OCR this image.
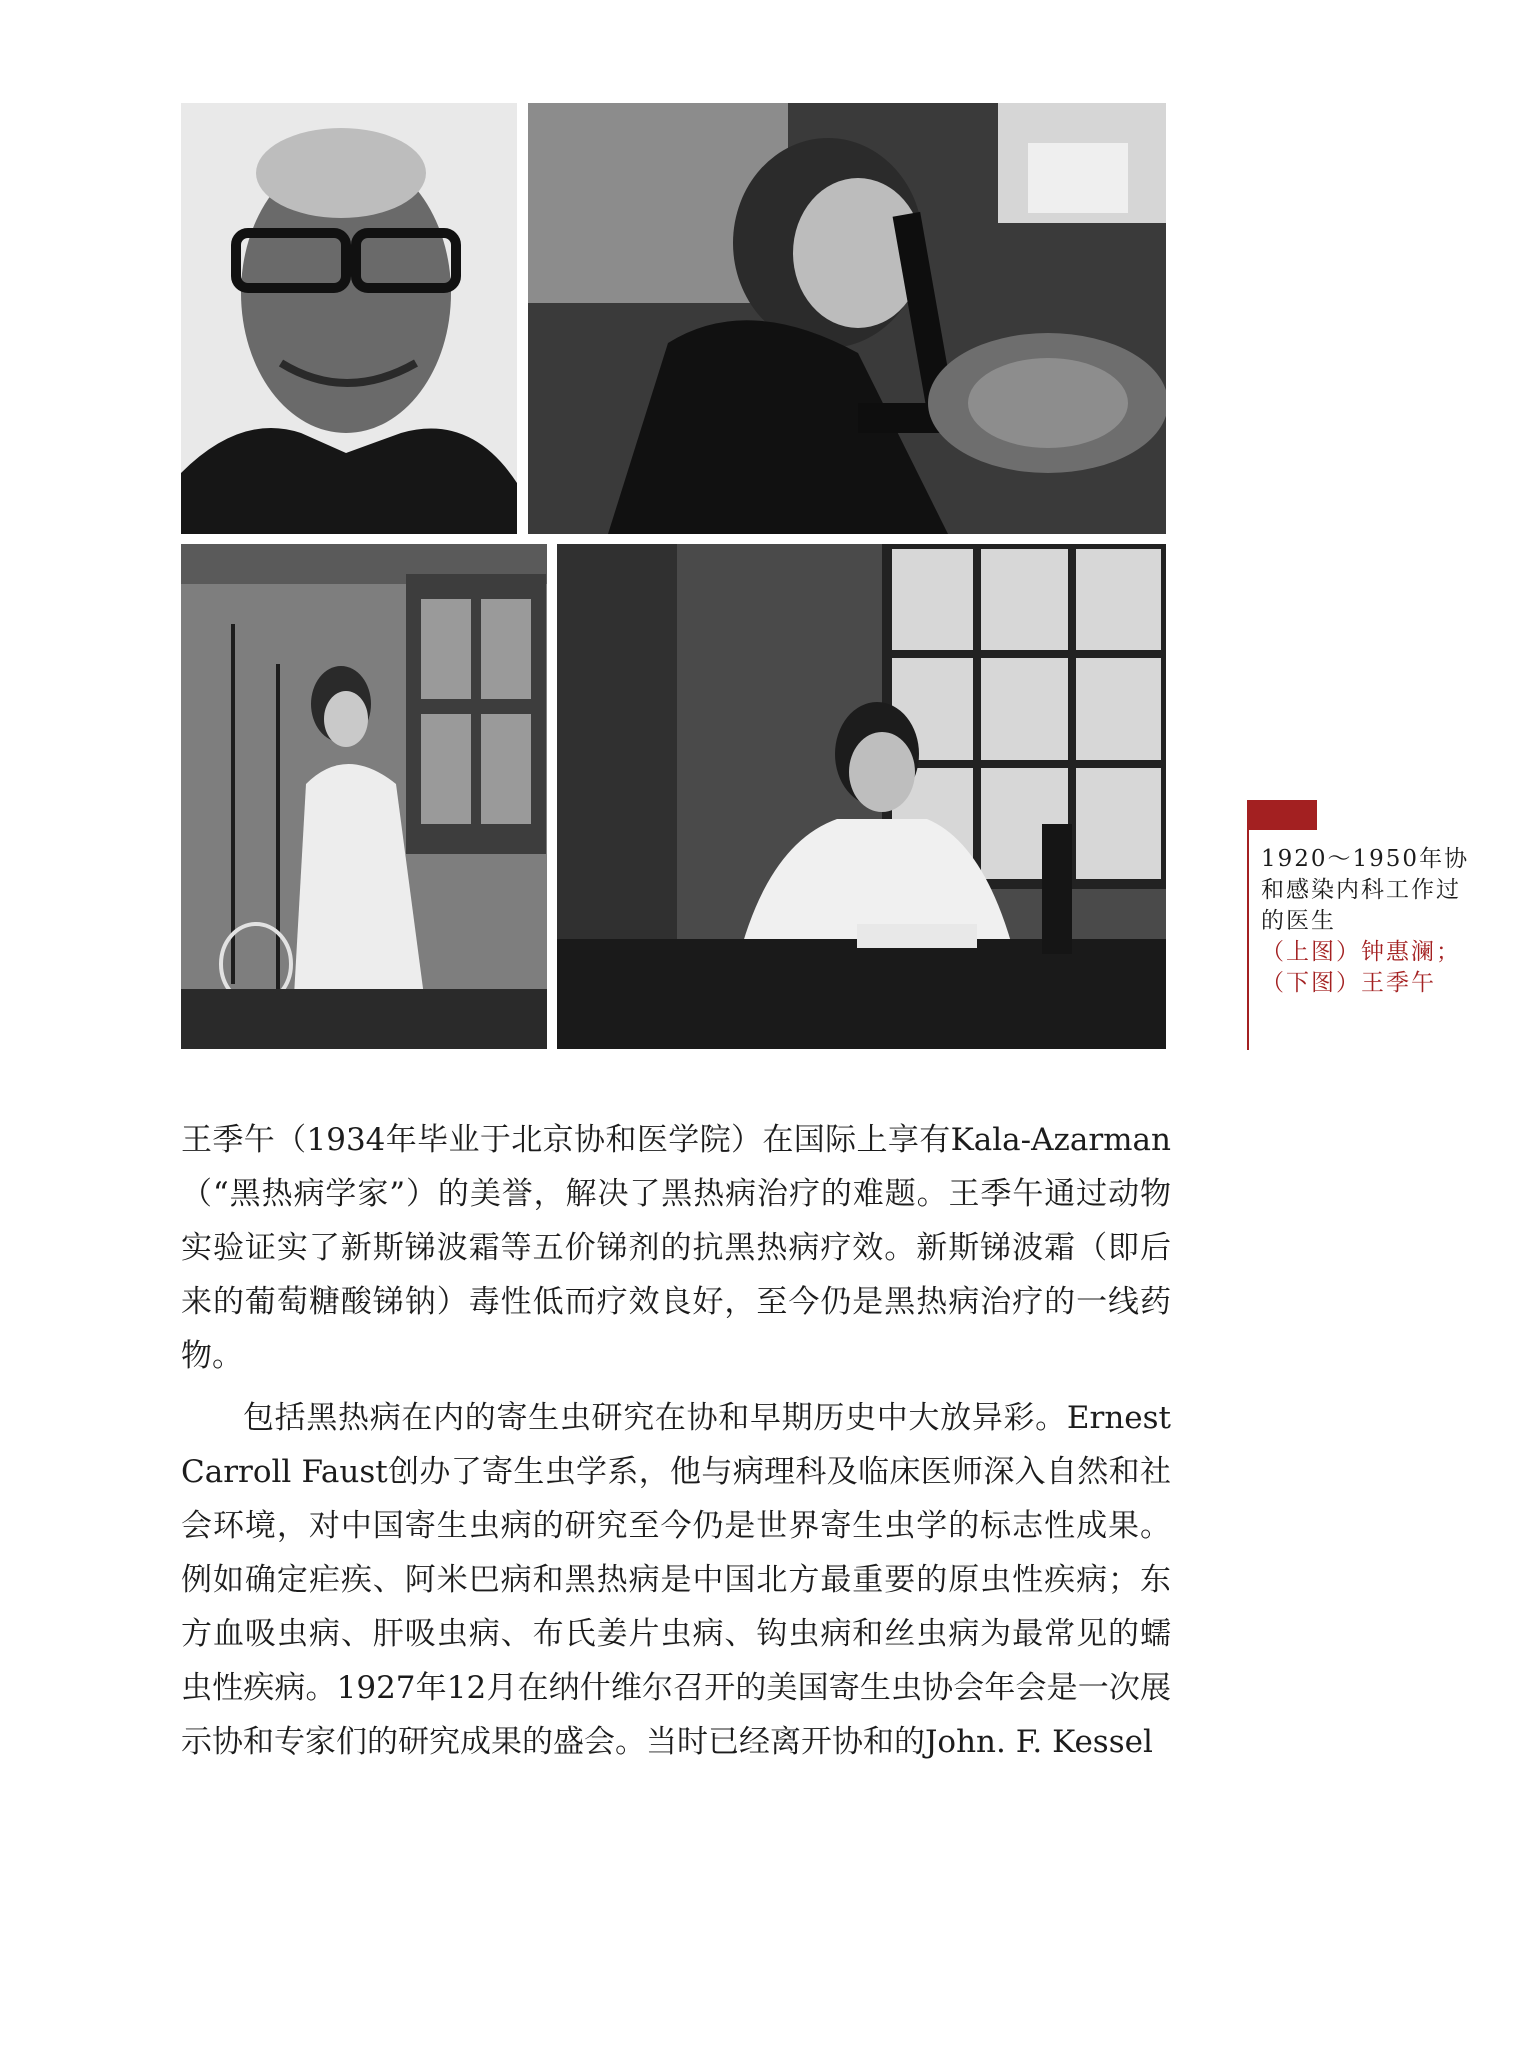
1920～1950年协和感染内科工作过的医生
（上图）钟惠澜；（下图）王季午

王季午（1934年毕业于北京协和医学院）在国际上享有Kala-Azarman（“黑热病学家”）的美誉，解决了黑热病治疗的难题。王季午通过动物实验证实了新斯锑波霜等五价锑剂的抗黑热病疗效。新斯锑波霜（即后来的葡萄糖酸锑钠）毒性低而疗效良好，至今仍是黑热病治疗的一线药物。

包括黑热病在内的寄生虫研究在协和早期历史中大放异彩。Ernest Carroll Faust创办了寄生虫学系，他与病理科及临床医师深入自然和社会环境，对中国寄生虫病的研究至今仍是世界寄生虫学的标志性成果。例如确定疟疾、阿米巴病和黑热病是中国北方最重要的原虫性疾病；东方血吸虫病、肝吸虫病、布氏姜片虫病、钩虫病和丝虫病为最常见的蠕虫性疾病。1927年12月在纳什维尔召开的美国寄生虫协会年会是一次展示协和专家们的研究成果的盛会。当时已经离开协和的John. F. Kessel
